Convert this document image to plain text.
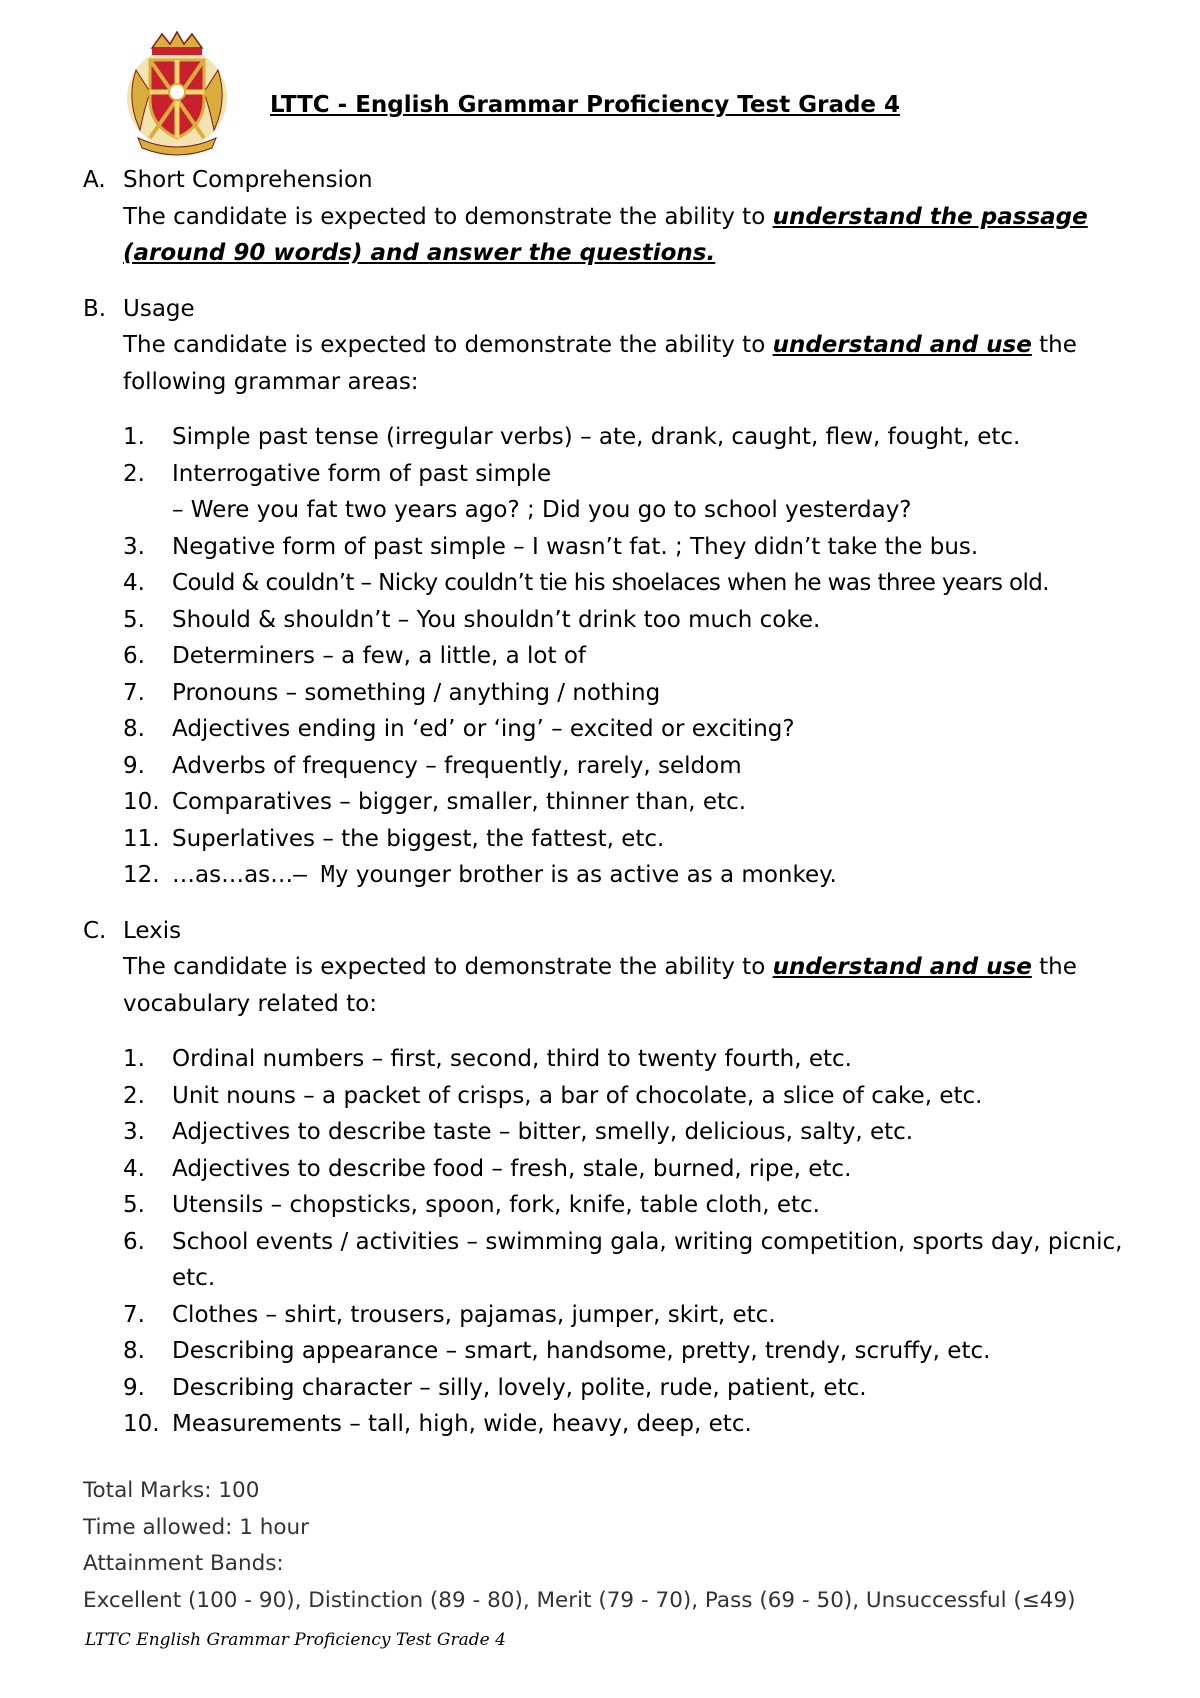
LTTC - English Grammar Proficiency Test Grade 4

A. Short Comprehension

The candidate is expected to demonstrate the ability to understand the passage (around 90 words) and answer the questions.

B. Usage

The candidate is expected to demonstrate the ability to understand and use the following grammar areas:

1. Simple past tense (irregular verbs) – ate, drank, caught, flew, fought, etc.
2. Interrogative form of past simple
– Were you fat two years ago? ; Did you go to school yesterday?
3. Negative form of past simple – I wasn’t fat. ; They didn’t take the bus.
4. Could & couldn’t – Nicky couldn’t tie his shoelaces when he was three years old.
5. Should & shouldn’t – You shouldn’t drink too much coke.
6. Determiners – a few, a little, a lot of
7. Pronouns – something / anything / nothing
8. Adjectives ending in ‘ed’ or ‘ing’ – excited or exciting?
9. Adverbs of frequency – frequently, rarely, seldom
10. Comparatives – bigger, smaller, thinner than, etc.
11. Superlatives – the biggest, the fattest, etc.
12. …as…as…– My younger brother is as active as a monkey.

C. Lexis

The candidate is expected to demonstrate the ability to understand and use the vocabulary related to:

1. Ordinal numbers – first, second, third to twenty fourth, etc.
2. Unit nouns – a packet of crisps, a bar of chocolate, a slice of cake, etc.
3. Adjectives to describe taste – bitter, smelly, delicious, salty, etc.
4. Adjectives to describe food – fresh, stale, burned, ripe, etc.
5. Utensils – chopsticks, spoon, fork, knife, table cloth, etc.
6. School events / activities – swimming gala, writing competition, sports day, picnic, etc.
7. Clothes – shirt, trousers, pajamas, jumper, skirt, etc.
8. Describing appearance – smart, handsome, pretty, trendy, scruffy, etc.
9. Describing character – silly, lovely, polite, rude, patient, etc.
10. Measurements – tall, high, wide, heavy, deep, etc.
Total Marks: 100
Time allowed: 1 hour
Attainment Bands:
Excellent (100 - 90), Distinction (89 - 80), Merit (79 - 70), Pass (69 - 50), Unsuccessful (≤49)
LTTC English Grammar Proficiency Test Grade 4
